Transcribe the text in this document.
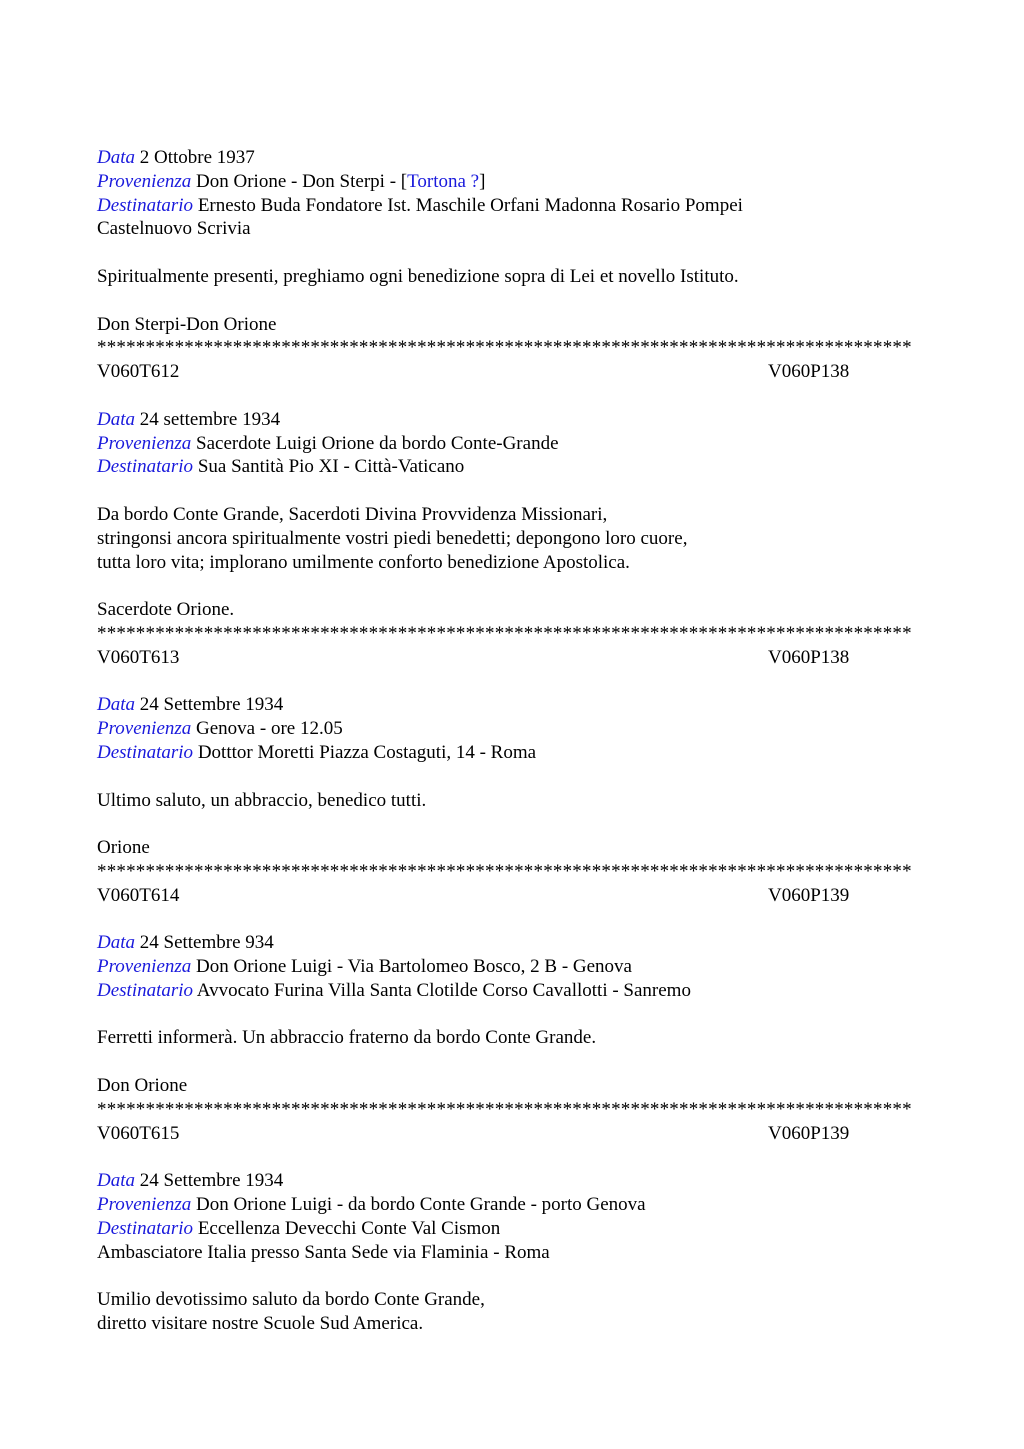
Data 2 Ottobre 1937
Provenienza Don Orione - Don Sterpi - [Tortona ?]
Destinatario Ernesto Buda Fondatore Ist. Maschile Orfani Madonna Rosario Pompei
Castelnuovo Scrivia
Spiritualmente presenti, preghiamo ogni benedizione sopra di Lei et novello Istituto.
Don Sterpi-Don Orione
************************************************************************************
V060T612	V060P138
Data 24 settembre 1934
Provenienza Sacerdote Luigi Orione da bordo Conte-Grande
Destinatario Sua Santità Pio XI - Città-Vaticano
Da bordo Conte Grande, Sacerdoti Divina Provvidenza Missionari,
stringonsi ancora spiritualmente vostri piedi benedetti; depongono loro cuore,
tutta loro vita; implorano umilmente conforto benedizione Apostolica.
Sacerdote Orione.
************************************************************************************
V060T613	V060P138
Data 24 Settembre 1934
Provenienza Genova - ore 12.05
Destinatario Dotttor Moretti Piazza Costaguti, 14 - Roma
Ultimo saluto, un abbraccio, benedico tutti.
Orione
************************************************************************************
V060T614	V060P139
Data 24 Settembre 934
Provenienza Don Orione Luigi - Via Bartolomeo Bosco, 2 B - Genova
Destinatario Avvocato Furina Villa Santa Clotilde Corso Cavallotti - Sanremo
Ferretti informerà. Un abbraccio fraterno da bordo Conte Grande.
Don Orione
************************************************************************************
V060T615	V060P139
Data 24 Settembre 1934
Provenienza Don Orione Luigi - da bordo Conte Grande - porto Genova
Destinatario Eccellenza Devecchi Conte Val Cismon
Ambasciatore Italia presso Santa Sede via Flaminia - Roma
Umilio devotissimo saluto da bordo Conte Grande,
diretto visitare nostre Scuole Sud America.
